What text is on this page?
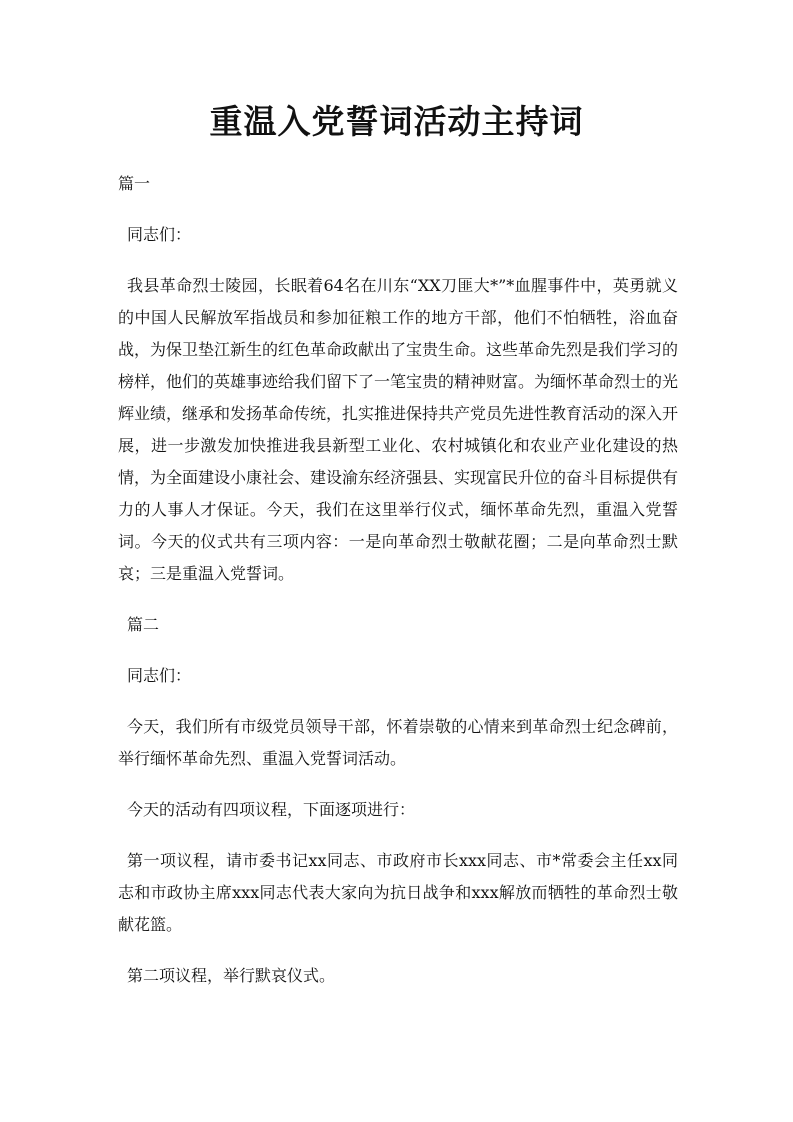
重温入党誓词活动主持词

篇一

同志们：

我县革命烈士陵园，长眠着64名在川东“XX刀匪大*”*血腥事件中，英勇就义的中国人民解放军指战员和参加征粮工作的地方干部，他们不怕牺牲，浴血奋战，为保卫垫江新生的红色革命政献出了宝贵生命。这些革命先烈是我们学习的榜样，他们的英雄事迹给我们留下了一笔宝贵的精神财富。为缅怀革命烈士的光辉业绩，继承和发扬革命传统，扎实推进保持共产党员先进性教育活动的深入开展，进一步激发加快推进我县新型工业化、农村城镇化和农业产业化建设的热情，为全面建设小康社会、建设渝东经济强县、实现富民升位的奋斗目标提供有力的人事人才保证。今天，我们在这里举行仪式，缅怀革命先烈，重温入党誓词。今天的仪式共有三项内容：一是向革命烈士敬献花圈；二是向革命烈士默哀；三是重温入党誓词。

篇二

同志们：

今天，我们所有市级党员领导干部，怀着崇敬的心情来到革命烈士纪念碑前，举行缅怀革命先烈、重温入党誓词活动。

今天的活动有四项议程，下面逐项进行：

第一项议程，请市委书记xx同志、市政府市长xxx同志、市*常委会主任xx同志和市政协主席xxx同志代表大家向为抗日战争和xxx解放而牺牲的革命烈士敬献花篮。

第二项议程，举行默哀仪式。
